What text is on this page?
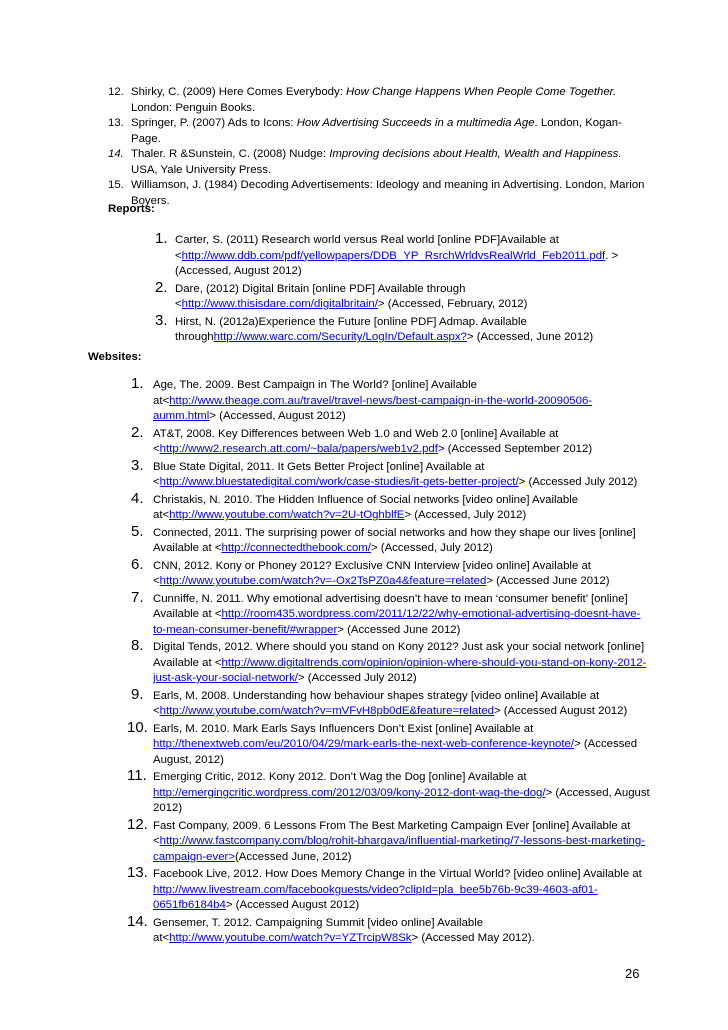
12. Shirky, C. (2009) Here Comes Everybody: How Change Happens When People Come Together. London: Penguin Books.
13. Springer, P. (2007) Ads to Icons: How Advertising Succeeds in a multimedia Age. London, Kogan-Page.
14. Thaler. R &Sunstein, C. (2008) Nudge: Improving decisions about Health, Wealth and Happiness. USA, Yale University Press.
15. Williamson, J. (1984) Decoding Advertisements: Ideology and meaning in Advertising. London, Marion Boyers.
Reports:
1. Carter, S. (2011) Research world versus Real world [online PDF]Available at <http://www.ddb.com/pdf/yellowpapers/DDB_YP_RsrchWrldvsRealWrld_Feb2011.pdf. > (Accessed, August 2012)
2. Dare, (2012) Digital Britain [online PDF] Available through <http://www.thisisdare.com/digitalbritain/> (Accessed, February, 2012)
3. Hirst, N. (2012a)Experience the Future [online PDF] Admap. Available throughhttp://www.warc.com/Security/LogIn/Default.aspx?> (Accessed, June 2012)
Websites:
1. Age, The. 2009. Best Campaign in The World? [online] Available at<http://www.theage.com.au/travel/travel-news/best-campaign-in-the-world-20090506-aumm.html> (Accessed, August 2012)
2. AT&T, 2008. Key Differences between Web 1.0 and Web 2.0 [online] Available at <http://www2.research.att.com/~bala/papers/web1v2.pdf> (Accessed September 2012)
3. Blue State Digital, 2011. It Gets Better Project [online] Available at <http://www.bluestatedigital.com/work/case-studies/it-gets-better-project/> (Accessed July 2012)
4. Christakis, N. 2010. The Hidden Influence of Social networks [video online] Available at<http://www.youtube.com/watch?v=2U-tOghblfE> (Accessed, July 2012)
5. Connected, 2011. The surprising power of social networks and how they shape our lives [online] Available at <http://connectedthebook.com/> (Accessed, July 2012)
6. CNN, 2012. Kony or Phoney 2012? Exclusive CNN Interview [video online] Available at <http://www.youtube.com/watch?v=-Ox2TsPZ0a4&feature=related> (Accessed June 2012)
7. Cunniffe, N. 2011. Why emotional advertising doesn’t have to mean ‘consumer benefit’ [online] Available at <http://room435.wordpress.com/2011/12/22/why-emotional-advertising-doesnt-have-to-mean-consumer-benefit/#wrapper> (Accessed June 2012)
8. Digital Tends, 2012. Where should you stand on Kony 2012? Just ask your social network [online] Available at <http://www.digitaltrends.com/opinion/opinion-where-should-you-stand-on-kony-2012-just-ask-your-social-network/> (Accessed July 2012)
9. Earls, M. 2008. Understanding how behaviour shapes strategy [video online] Available at <http://www.youtube.com/watch?v=mVFvH8pb0dE&feature=related> (Accessed August 2012)
10. Earls, M. 2010. Mark Earls Says Influencers Don’t Exist [online] Available at http://thenextweb.com/eu/2010/04/29/mark-earls-the-next-web-conference-keynote/> (Accessed August, 2012)
11. Emerging Critic, 2012. Kony 2012. Don’t Wag the Dog [online] Available at http://emergingcritic.wordpress.com/2012/03/09/kony-2012-dont-wag-the-dog/> (Accessed, August 2012)
12. Fast Company, 2009. 6 Lessons From The Best Marketing Campaign Ever [online] Available at <http://www.fastcompany.com/blog/rohit-bhargava/influential-marketing/7-lessons-best-marketing-campaign-ever>(Accessed June, 2012)
13. Facebook Live, 2012. How Does Memory Change in the Virtual World? [video online] Available at http://www.livestream.com/facebookguests/video?clipId=pla_bee5b76b-9c39-4603-af01-0651fb6184b4> (Accessed August 2012)
14. Gensemer, T. 2012. Campaigning Summit [video online] Available at<http://www.youtube.com/watch?v=YZTrcipW8Sk> (Accessed May 2012).
26
